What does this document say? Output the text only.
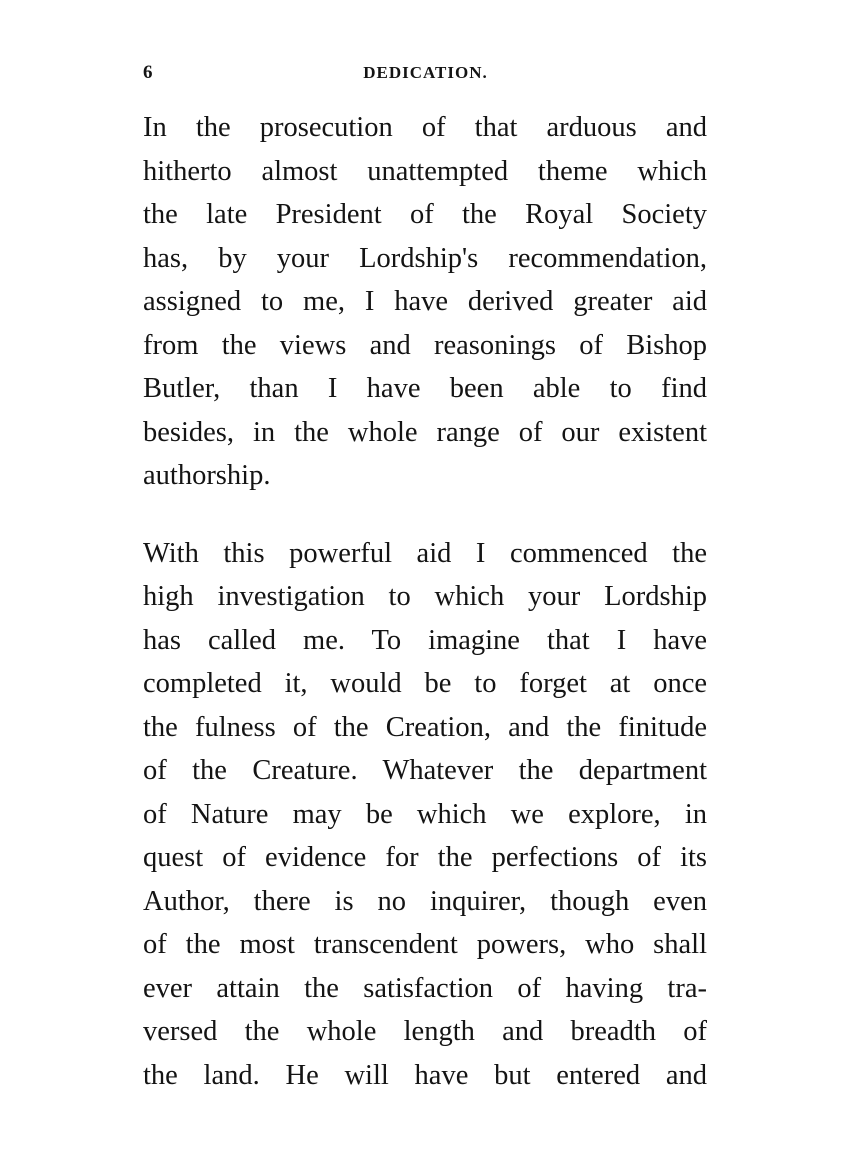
6	DEDICATION.

In the prosecution of that arduous and
hitherto almost unattempted theme which
the late President of the Royal Society
has, by your Lordship's recommendation,
assigned to me, I have derived greater aid
from the views and reasonings of Bishop
Butler, than I have been able to find
besides, in the whole range of our existent
authorship.

With this powerful aid I commenced the
high investigation to which your Lordship
has called me. To imagine that I have
completed it, would be to forget at once
the fulness of the Creation, and the finitude
of the Creature. Whatever the department
of Nature may be which we explore, in
quest of evidence for the perfections of its
Author, there is no inquirer, though even
of the most transcendent powers, who shall
ever attain the satisfaction of having tra-
versed the whole length and breadth of
the land. He will have but entered and
